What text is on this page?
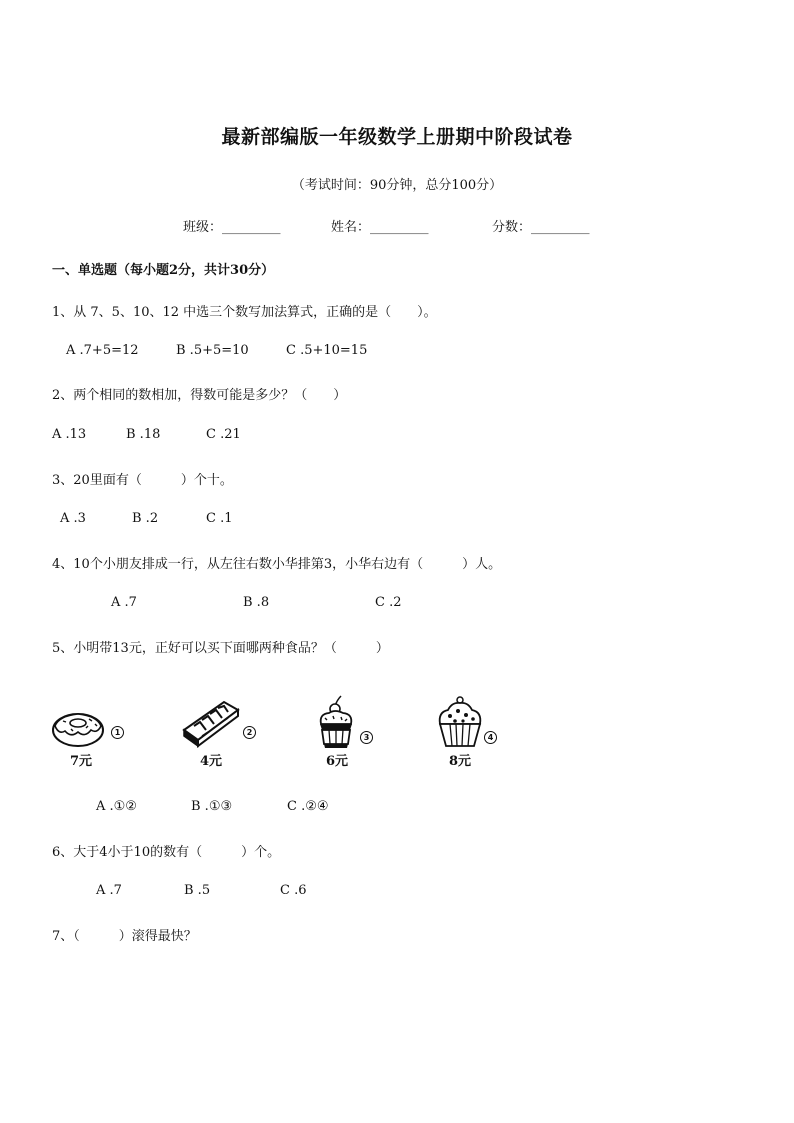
最新部编版一年级数学上册期中阶段试卷
（考试时间：90分钟，总分100分）
班级：_________	姓名：_________	分数：_________
一、单选题（每小题2分，共计30分）
1、从 7、5、10、12 中选三个数写加法算式，正确的是（　　）。
A .7+5=12	B .5+5=10	C .5+10=15
2、两个相同的数相加，得数可能是多少？（　　）
A .13	B .18	C .21
3、20里面有（　　　）个十。
A .3	B .2	C .1
4、10个小朋友排成一行，从左往右数小华排第3，小华右边有（　　　）人。
A .7	B .8	C .2
5、小明带13元，正好可以买下面哪两种食品？（　　　）
1
7元
2
4元
3
6元
4
8元
A .①②	B .①③	C .②④
6、大于4小于10的数有（　　　）个。
A .7	B .5	C .6
7、（　　　）滚得最快？
